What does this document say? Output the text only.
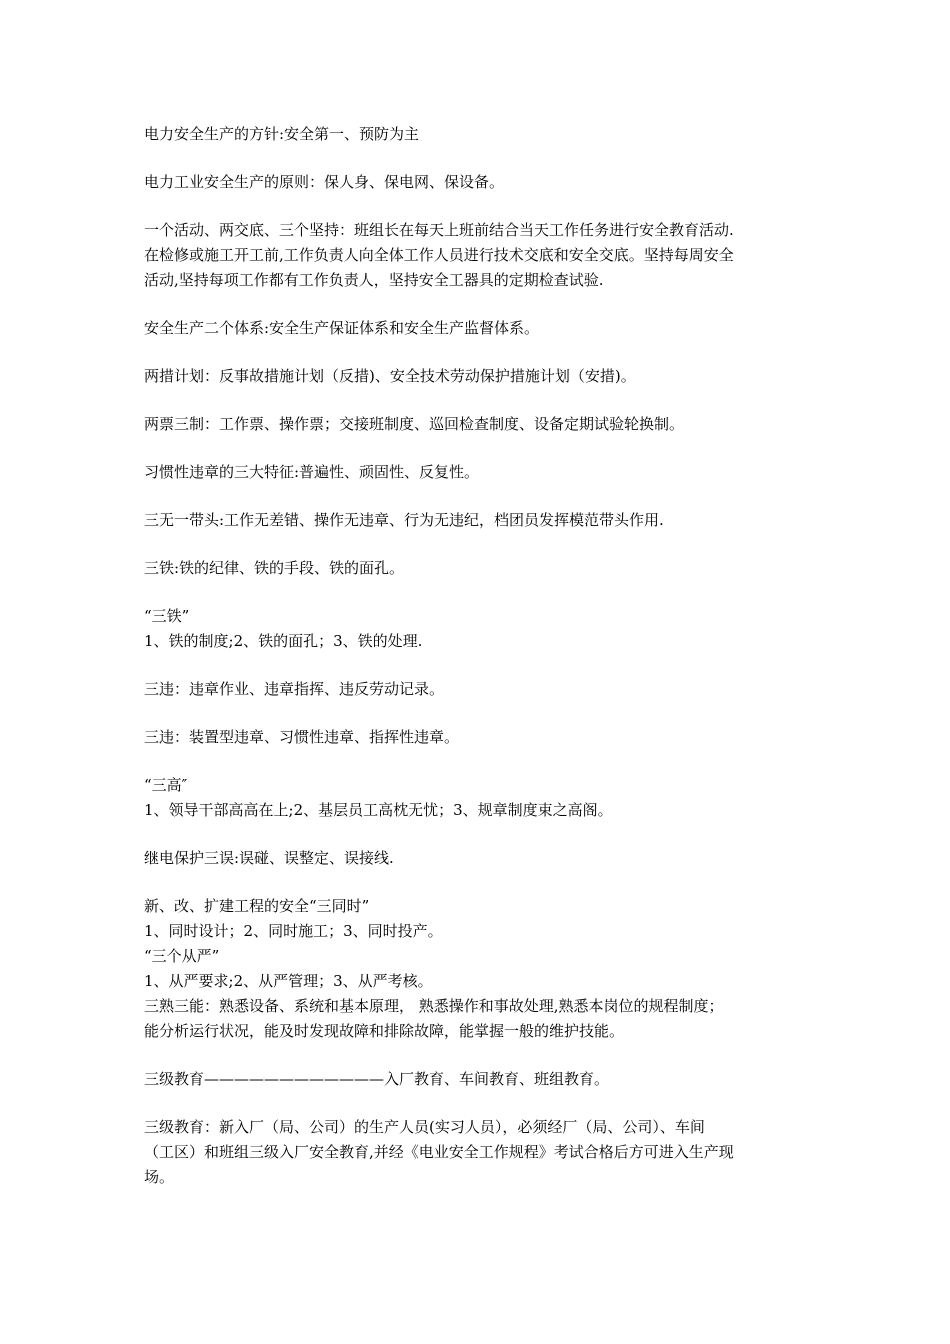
电力安全生产的方针:安全第一、预防为主
电力工业安全生产的原则：保人身、保电网、保设备。
一个活动、两交底、三个坚持：班组长在每天上班前结合当天工作任务进行安全教育活动.
在检修或施工开工前,工作负责人向全体工作人员进行技术交底和安全交底。坚持每周安全
活动,坚持每项工作都有工作负责人，坚持安全工器具的定期检查试验.
安全生产二个体系:安全生产保证体系和安全生产监督体系。
两措计划：反事故措施计划（反措)、安全技术劳动保护措施计划（安措)。
两票三制：工作票、操作票；交接班制度、巡回检查制度、设备定期试验轮换制。
习惯性违章的三大特征:普遍性、顽固性、反复性。
三无一带头:工作无差错、操作无违章、行为无违纪，档团员发挥模范带头作用.
三铁:铁的纪律、铁的手段、铁的面孔。
“三铁”
1、铁的制度;2、铁的面孔；3、铁的处理.
三违：违章作业、违章指挥、违反劳动记录。
三违：装置型违章、习惯性违章、指挥性违章。
“三高″
1、领导干部高高在上;2、基层员工高枕无忧；3、规章制度束之高阁。
继电保护三误:误碰、误整定、误接线.
新、改、扩建工程的安全“三同时”
1、同时设计；2、同时施工；3、同时投产。
“三个从严”
1、从严要求;2、从严管理；3、从严考核。
三熟三能：熟悉设备、系统和基本原理， 熟悉操作和事故处理,熟悉本岗位的规程制度；
能分析运行状况，能及时发现故障和排除故障，能掌握一般的维护技能。
三级教育————————————入厂教育、车间教育、班组教育。
三级教育：新入厂（局、公司）的生产人员(实习人员），必须经厂（局、公司）、车间
（工区）和班组三级入厂安全教育,并经《电业安全工作规程》考试合格后方可进入生产现
场。
